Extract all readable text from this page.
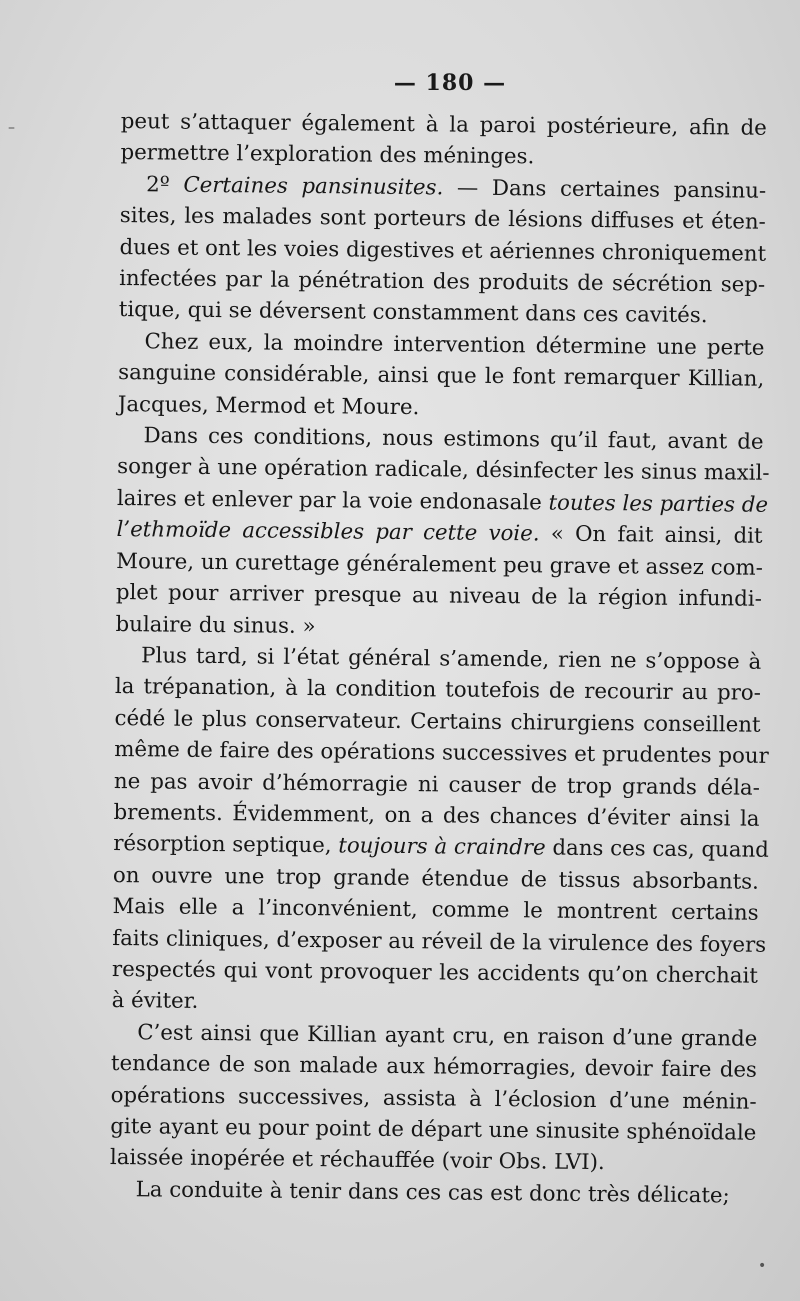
— 180 —

peut s’attaquer également à la paroi postérieure, afin de
permettre l’exploration des méninges.

2º Certaines pansinusites. — Dans certaines pansinu-
sites, les malades sont porteurs de lésions diffuses et éten-
dues et ont les voies digestives et aériennes chroniquement
infectées par la pénétration des produits de sécrétion sep-
tique, qui se déversent constamment dans ces cavités.

Chez eux, la moindre intervention détermine une perte
sanguine considérable, ainsi que le font remarquer Killian,
Jacques, Mermod et Moure.

Dans ces conditions, nous estimons qu’il faut, avant de
songer à une opération radicale, désinfecter les sinus maxil-
laires et enlever par la voie endonasale toutes les parties de
l’ethmoïde accessibles par cette voie. « On fait ainsi, dit
Moure, un curettage généralement peu grave et assez com-
plet pour arriver presque au niveau de la région infundi-
bulaire du sinus. »

Plus tard, si l’état général s’amende, rien ne s’oppose à
la trépanation, à la condition toutefois de recourir au pro-
cédé le plus conservateur. Certains chirurgiens conseillent
même de faire des opérations successives et prudentes pour
ne pas avoir d’hémorragie ni causer de trop grands déla-
brements. Évidemment, on a des chances d’éviter ainsi la
résorption septique, toujours à craindre dans ces cas, quand
on ouvre une trop grande étendue de tissus absorbants.
Mais elle a l’inconvénient, comme le montrent certains
faits cliniques, d’exposer au réveil de la virulence des foyers
respectés qui vont provoquer les accidents qu’on cherchait
à éviter.

C’est ainsi que Killian ayant cru, en raison d’une grande
tendance de son malade aux hémorragies, devoir faire des
opérations successives, assista à l’éclosion d’une ménin-
gite ayant eu pour point de départ une sinusite sphénoïdale
laissée inopérée et réchauffée (voir Obs. LVI).

La conduite à tenir dans ces cas est donc très délicate;

–
•
